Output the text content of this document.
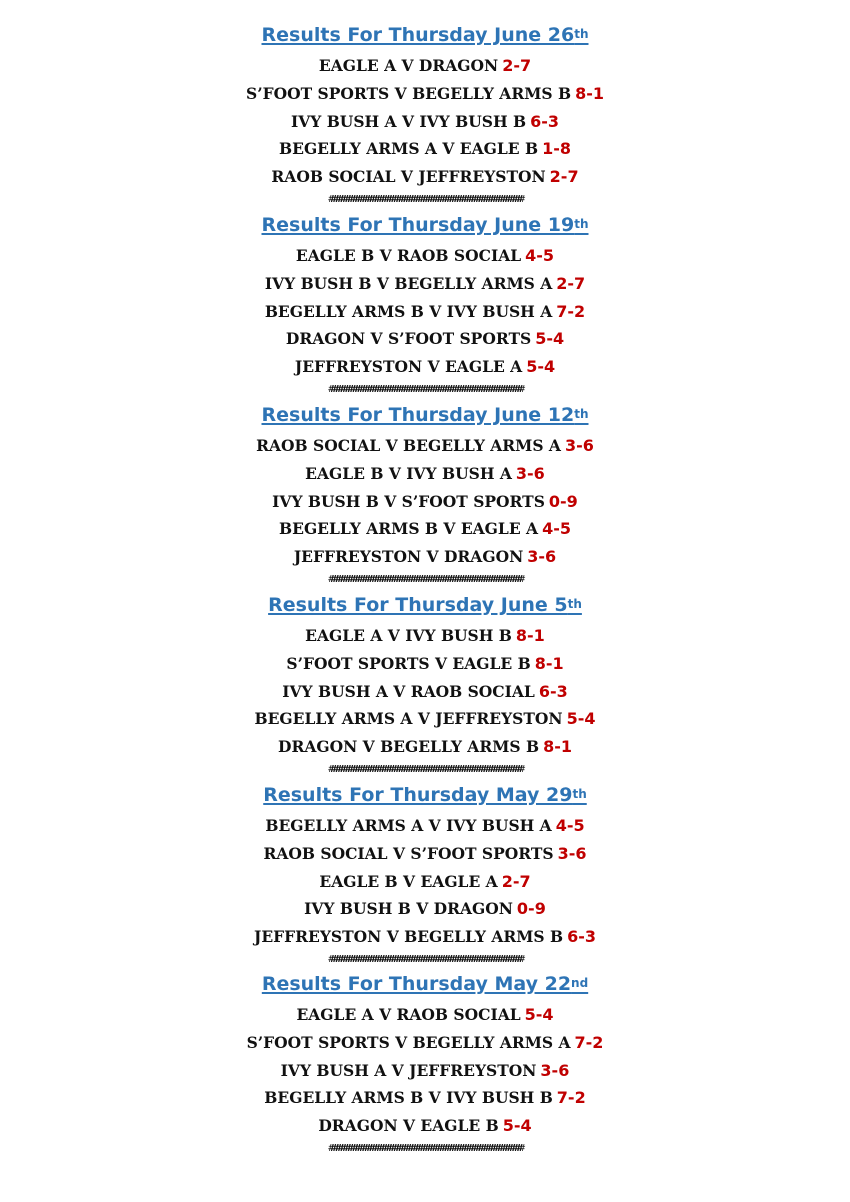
Results For Thursday June 26th
EAGLE A V DRAGON 2-7
S’FOOT SPORTS V BEGELLY ARMS B 8-1
IVY BUSH A V IVY BUSH B 6-3
BEGELLY ARMS A V EAGLE B 1-8
RAOB SOCIAL V JEFFREYSTON 2-7
################################################################################
Results For Thursday June 19th
EAGLE B V RAOB SOCIAL 4-5
IVY BUSH B V BEGELLY ARMS A 2-7
BEGELLY ARMS B V IVY BUSH A 7-2
DRAGON V S’FOOT SPORTS 5-4
JEFFREYSTON V EAGLE A 5-4
################################################################################
Results For Thursday June 12th
RAOB SOCIAL V BEGELLY ARMS A 3-6
EAGLE B V IVY BUSH A 3-6
IVY BUSH B V S’FOOT SPORTS 0-9
BEGELLY ARMS B V EAGLE A 4-5
JEFFREYSTON V DRAGON 3-6
################################################################################
Results For Thursday June 5th
EAGLE A V IVY BUSH B 8-1
S’FOOT SPORTS V EAGLE B 8-1
IVY BUSH A V RAOB SOCIAL 6-3
BEGELLY ARMS A V JEFFREYSTON 5-4
DRAGON V BEGELLY ARMS B 8-1
################################################################################
Results For Thursday May 29th
BEGELLY ARMS A V IVY BUSH A 4-5
RAOB SOCIAL V S’FOOT SPORTS 3-6
EAGLE B V EAGLE A 2-7
IVY BUSH B V DRAGON 0-9
JEFFREYSTON V BEGELLY ARMS B 6-3
################################################################################
Results For Thursday May 22nd
EAGLE A V RAOB SOCIAL 5-4
S’FOOT SPORTS V BEGELLY ARMS A 7-2
IVY BUSH A V JEFFREYSTON 3-6
BEGELLY ARMS B V IVY BUSH B 7-2
DRAGON V EAGLE B 5-4
################################################################################
